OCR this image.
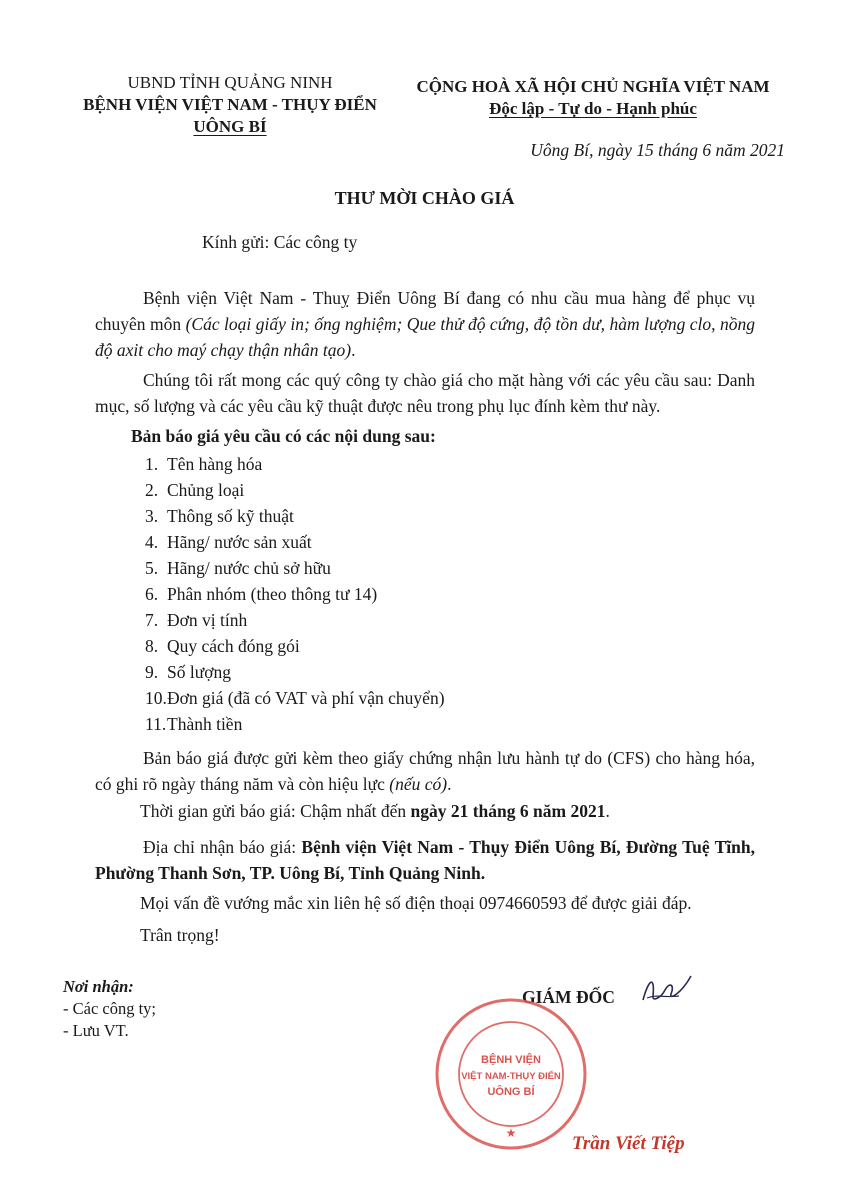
UBND TỈNH QUẢNG NINH
BỆNH VIỆN VIỆT NAM - THỤY ĐIỂN
UÔNG BÍ
CỘNG HOÀ XÃ HỘI CHỦ NGHĨA VIỆT NAM
Độc lập - Tự do - Hạnh phúc
Uông Bí, ngày 15 tháng 6 năm 2021
THƯ MỜI CHÀO GIÁ
Kính gửi: Các công ty
Bệnh viện Việt Nam - Thuỵ Điển Uông Bí đang có nhu cầu mua hàng để phục vụ chuyên môn (Các loại giấy in; ống nghiệm; Que thử độ cứng, độ tồn dư, hàm lượng clo, nồng độ axit cho maý chạy thận nhân tạo).
Chúng tôi rất mong các quý công ty chào giá cho mặt hàng với các yêu cầu sau: Danh mục, số lượng và các yêu cầu kỹ thuật được nêu trong phụ lục đính kèm thư này.
Bản báo giá yêu cầu có các nội dung sau:
1. Tên hàng hóa
2. Chủng loại
3. Thông số kỹ thuật
4. Hãng/ nước sản xuất
5. Hãng/ nước chủ sở hữu
6. Phân nhóm (theo thông tư 14)
7. Đơn vị tính
8. Quy cách đóng gói
9. Số lượng
10.Đơn giá (đã có VAT và phí vận chuyển)
11.Thành tiền
Bản báo giá được gửi kèm theo giấy chứng nhận lưu hành tự do (CFS) cho hàng hóa, có ghi rõ ngày tháng năm và còn hiệu lực (nếu có).
Thời gian gửi báo giá: Chậm nhất đến ngày 21 tháng 6 năm 2021.
Địa chỉ nhận báo giá: Bệnh viện Việt Nam - Thụy Điển Uông Bí, Đường Tuệ Tĩnh, Phường Thanh Sơn, TP. Uông Bí, Tỉnh Quảng Ninh.
Mọi vấn đề vướng mắc xin liên hệ số điện thoại 0974660593 để được giải đáp.
Trân trọng!
Nơi nhận:
- Các công ty;
- Lưu VT.
GIÁM ĐỐC
BỆNH VIỆN
VIỆT NAM-THỤY ĐIỂN
UÔNG BÍ
★	Trần Viết Tiệp
